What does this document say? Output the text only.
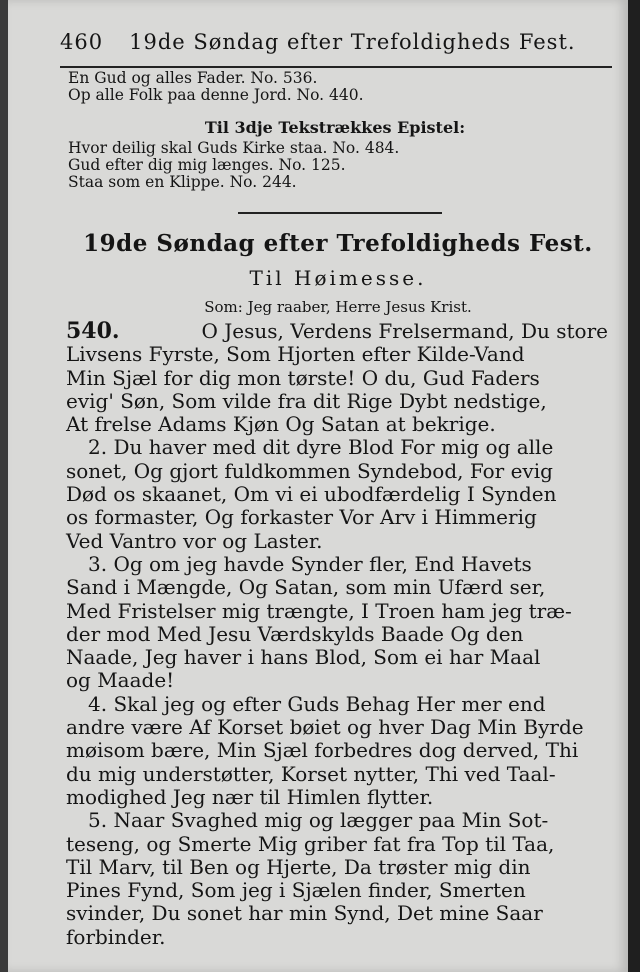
460 19de Søndag efter Trefoldigheds Fest.
En Gud og alles Fader. No. 536.
Op alle Folk paa denne Jord. No. 440.
Til 3dje Tekstrækkes Epistel:
Hvor deilig skal Guds Kirke staa. No. 484.
Gud efter dig mig længes. No. 125.
Staa som en Klippe. No. 244.
19de Søndag efter Trefoldigheds Fest.
Til Høimesse.
Som: Jeg raaber, Herre Jesus Krist.
540.	O Jesus, Verdens Frelsermand, Du store
Livsens Fyrste, Som Hjorten efter Kilde-Vand
Min Sjæl for dig mon tørste! O du, Gud Faders
evig' Søn, Som vilde fra dit Rige Dybt nedstige,
At frelse Adams Kjøn Og Satan at bekrige.
2. Du haver med dit dyre Blod For mig og alle
sonet, Og gjort fuldkommen Syndebod, For evig
Død os skaanet, Om vi ei ubodfærdelig I Synden
os formaster, Og forkaster Vor Arv i Himmerig
Ved Vantro vor og Laster.
3. Og om jeg havde Synder fler, End Havets
Sand i Mængde, Og Satan, som min Ufærd ser,
Med Fristelser mig trængte, I Troen ham jeg træ-
der mod Med Jesu Værdskylds Baade Og den
Naade, Jeg haver i hans Blod, Som ei har Maal
og Maade!
4. Skal jeg og efter Guds Behag Her mer end
andre være Af Korset bøiet og hver Dag Min Byrde
møisom bære, Min Sjæl forbedres dog derved, Thi
du mig understøtter, Korset nytter, Thi ved Taal-
modighed Jeg nær til Himlen flytter.
5. Naar Svaghed mig og lægger paa Min Sot-
teseng, og Smerte Mig griber fat fra Top til Taa,
Til Marv, til Ben og Hjerte, Da trøster mig din
Pines Fynd, Som jeg i Sjælen finder, Smerten
svinder, Du sonet har min Synd, Det mine Saar
forbinder.
